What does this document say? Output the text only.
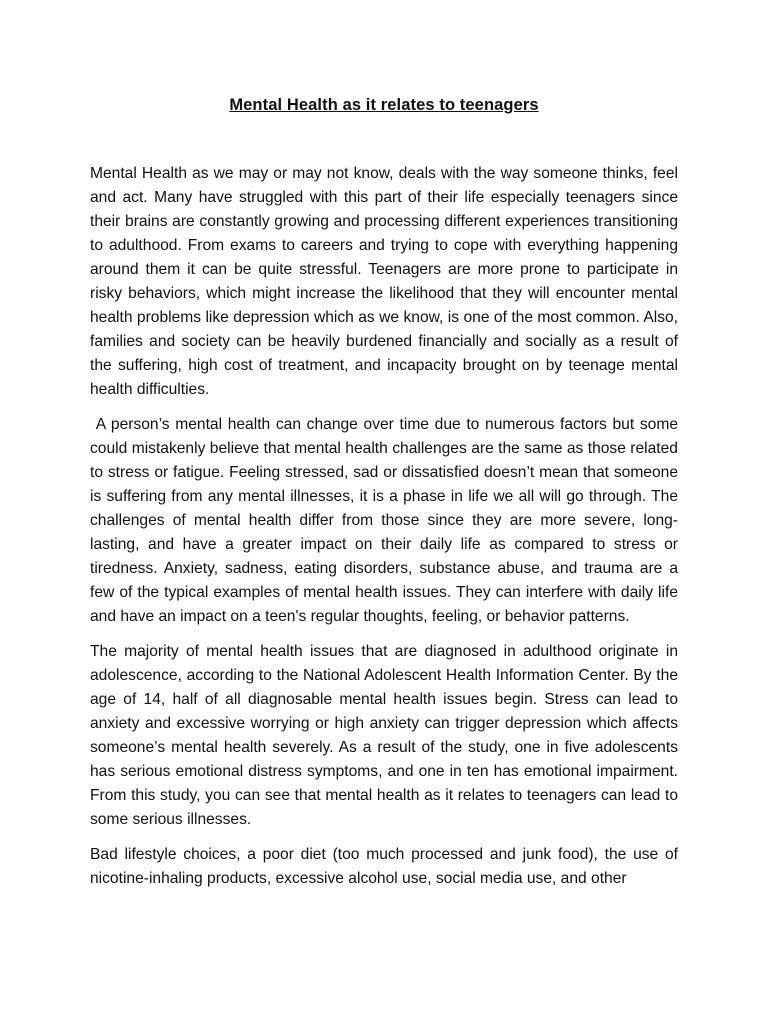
Mental Health as it relates to teenagers

Mental Health as we may or may not know, deals with the way someone thinks, feel and act. Many have struggled with this part of their life especially teenagers since their brains are constantly growing and processing different experiences transitioning to adulthood. From exams to careers and trying to cope with everything happening around them it can be quite stressful. Teenagers are more prone to participate in risky behaviors, which might increase the likelihood that they will encounter mental health problems like depression which as we know, is one of the most common. Also, families and society can be heavily burdened financially and socially as a result of the suffering, high cost of treatment, and incapacity brought on by teenage mental health difficulties.

A person’s mental health can change over time due to numerous factors but some could mistakenly believe that mental health challenges are the same as those related to stress or fatigue. Feeling stressed, sad or dissatisfied doesn’t mean that someone is suffering from any mental illnesses, it is a phase in life we all will go through. The challenges of mental health differ from those since they are more severe, long-lasting, and have a greater impact on their daily life as compared to stress or tiredness. Anxiety, sadness, eating disorders, substance abuse, and trauma are a few of the typical examples of mental health issues. They can interfere with daily life and have an impact on a teen's regular thoughts, feeling, or behavior patterns.

The majority of mental health issues that are diagnosed in adulthood originate in adolescence, according to the National Adolescent Health Information Center. By the age of 14, half of all diagnosable mental health issues begin. Stress can lead to anxiety and excessive worrying or high anxiety can trigger depression which affects someone’s mental health severely. As a result of the study, one in five adolescents has serious emotional distress symptoms, and one in ten has emotional impairment. From this study, you can see that mental health as it relates to teenagers can lead to some serious illnesses.

Bad lifestyle choices, a poor diet (too much processed and junk food), the use of nicotine-inhaling products, excessive alcohol use, social media use, and other
